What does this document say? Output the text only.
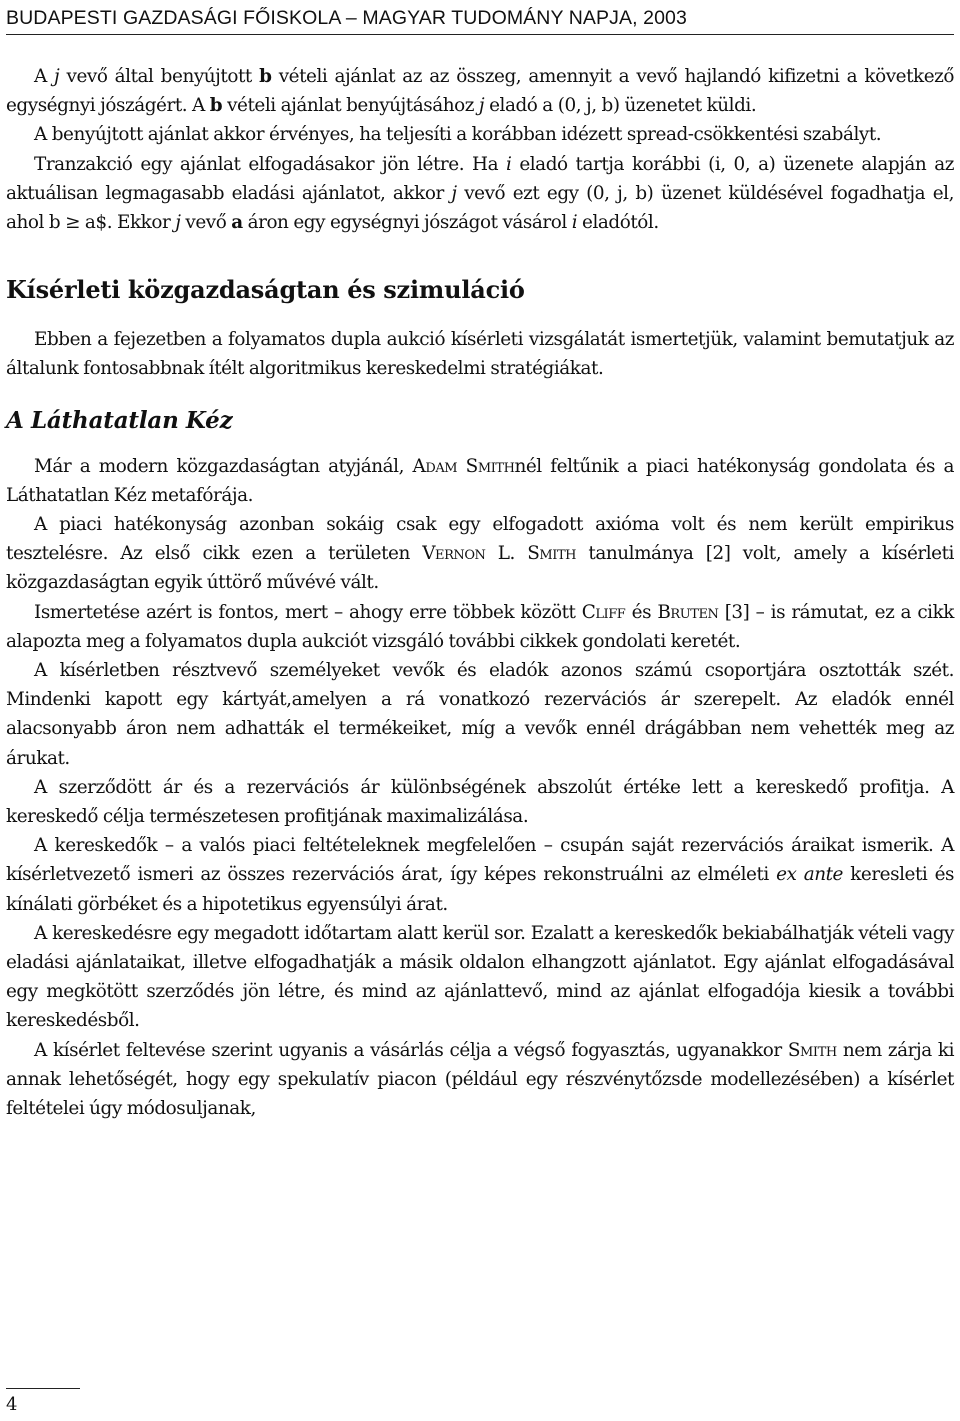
BUDAPESTI GAZDASÁGI FŐISKOLA – MAGYAR TUDOMÁNY NAPJA, 2003

A j vevő által benyújtott b vételi ajánlat az az összeg, amennyit a vevő hajlandó kifizetni a következő egységnyi jószágért. A b vételi ajánlat benyújtásához j eladó a (0, j, b) üzenetet küldi.

A benyújtott ajánlat akkor érvényes, ha teljesíti a korábban idézett spread-csökkentési szabályt.

Tranzakció egy ajánlat elfogadásakor jön létre. Ha i eladó tartja korábbi (i, 0, a) üzenete alapján az aktuálisan legmagasabb eladási ajánlatot, akkor j vevő ezt egy (0, j, b) üzenet küldésével fogadhatja el, ahol b ≥ a$. Ekkor j vevő a áron egy egységnyi jószágot vásárol i eladótól.

Kísérleti közgazdaságtan és szimuláció

Ebben a fejezetben a folyamatos dupla aukció kísérleti vizsgálatát ismertetjük, valamint bemutatjuk az általunk fontosabbnak ítélt algoritmikus kereskedelmi stratégiákat.

A Láthatatlan Kéz

Már a modern közgazdaságtan atyjánál, Adam Smithnél feltűnik a piaci hatékonyság gondolata és a Láthatatlan Kéz metafórája.

A piaci hatékonyság azonban sokáig csak egy elfogadott axióma volt és nem került empirikus tesztelésre. Az első cikk ezen a területen Vernon L. Smith tanulmánya [2] volt, amely a kísérleti közgazdaságtan egyik úttörő művévé vált.

Ismertetése azért is fontos, mert – ahogy erre többek között Cliff és Bruten [3] – is rámutat, ez a cikk alapozta meg a folyamatos dupla aukciót vizsgáló további cikkek gondolati keretét.

A kísérletben résztvevő személyeket vevők és eladók azonos számú csoportjára osztották szét. Mindenki kapott egy kártyát,amelyen a rá vonatkozó rezervációs ár szerepelt. Az eladók ennél alacsonyabb áron nem adhatták el termékeiket, míg a vevők ennél drágábban nem vehették meg az árukat.

A szerződött ár és a rezervációs ár különbségének abszolút értéke lett a kereskedő profitja. A kereskedő célja természetesen profitjának maximalizálása.

A kereskedők – a valós piaci feltételeknek megfelelően – csupán saját rezervációs áraikat ismerik. A kísérletvezető ismeri az összes rezervációs árat, így képes rekonstruálni az elméleti ex ante keresleti és kínálati görbéket és a hipotetikus egyensúlyi árat.

A kereskedésre egy megadott időtartam alatt kerül sor. Ezalatt a kereskedők bekiabálhatják vételi vagy eladási ajánlataikat, illetve elfogadhatják a másik oldalon elhangzott ajánlatot. Egy ajánlat elfogadásával egy megkötött szerződés jön létre, és mind az ajánlattevő, mind az ajánlat elfogadója kiesik a további kereskedésből.

A kísérlet feltevése szerint ugyanis a vásárlás célja a végső fogyasztás, ugyanakkor Smith nem zárja ki annak lehetőségét, hogy egy spekulatív piacon (például egy részvénytőzsde modellezésében) a kísérlet feltételei úgy módosuljanak,

4
